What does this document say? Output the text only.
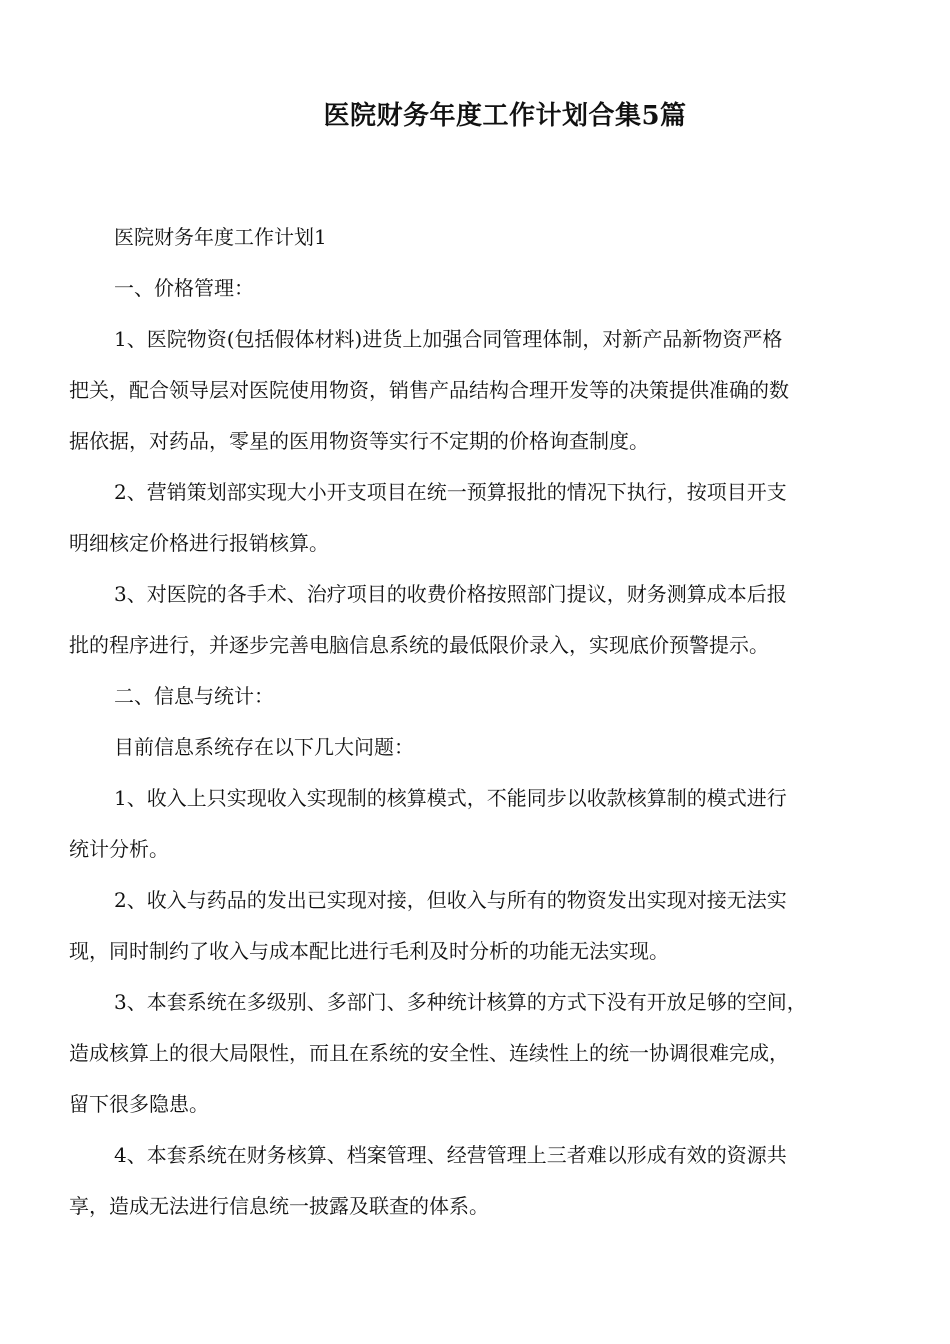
医院财务年度工作计划合集5篇

医院财务年度工作计划1

一、价格管理：

1、医院物资(包括假体材料)进货上加强合同管理体制，对新产品新物资严格
把关，配合领导层对医院使用物资，销售产品结构合理开发等的决策提供准确的数
据依据，对药品，零星的医用物资等实行不定期的价格询查制度。

2、营销策划部实现大小开支项目在统一预算报批的情况下执行，按项目开支
明细核定价格进行报销核算。

3、对医院的各手术、治疗项目的收费价格按照部门提议，财务测算成本后报
批的程序进行，并逐步完善电脑信息系统的最低限价录入，实现底价预警提示。

二、信息与统计：

目前信息系统存在以下几大问题：

1、收入上只实现收入实现制的核算模式，不能同步以收款核算制的模式进行
统计分析。

2、收入与药品的发出已实现对接，但收入与所有的物资发出实现对接无法实
现，同时制约了收入与成本配比进行毛利及时分析的功能无法实现。

3、本套系统在多级别、多部门、多种统计核算的方式下没有开放足够的空间，
造成核算上的很大局限性，而且在系统的安全性、连续性上的统一协调很难完成，
留下很多隐患。

4、本套系统在财务核算、档案管理、经营管理上三者难以形成有效的资源共
享，造成无法进行信息统一披露及联查的体系。
